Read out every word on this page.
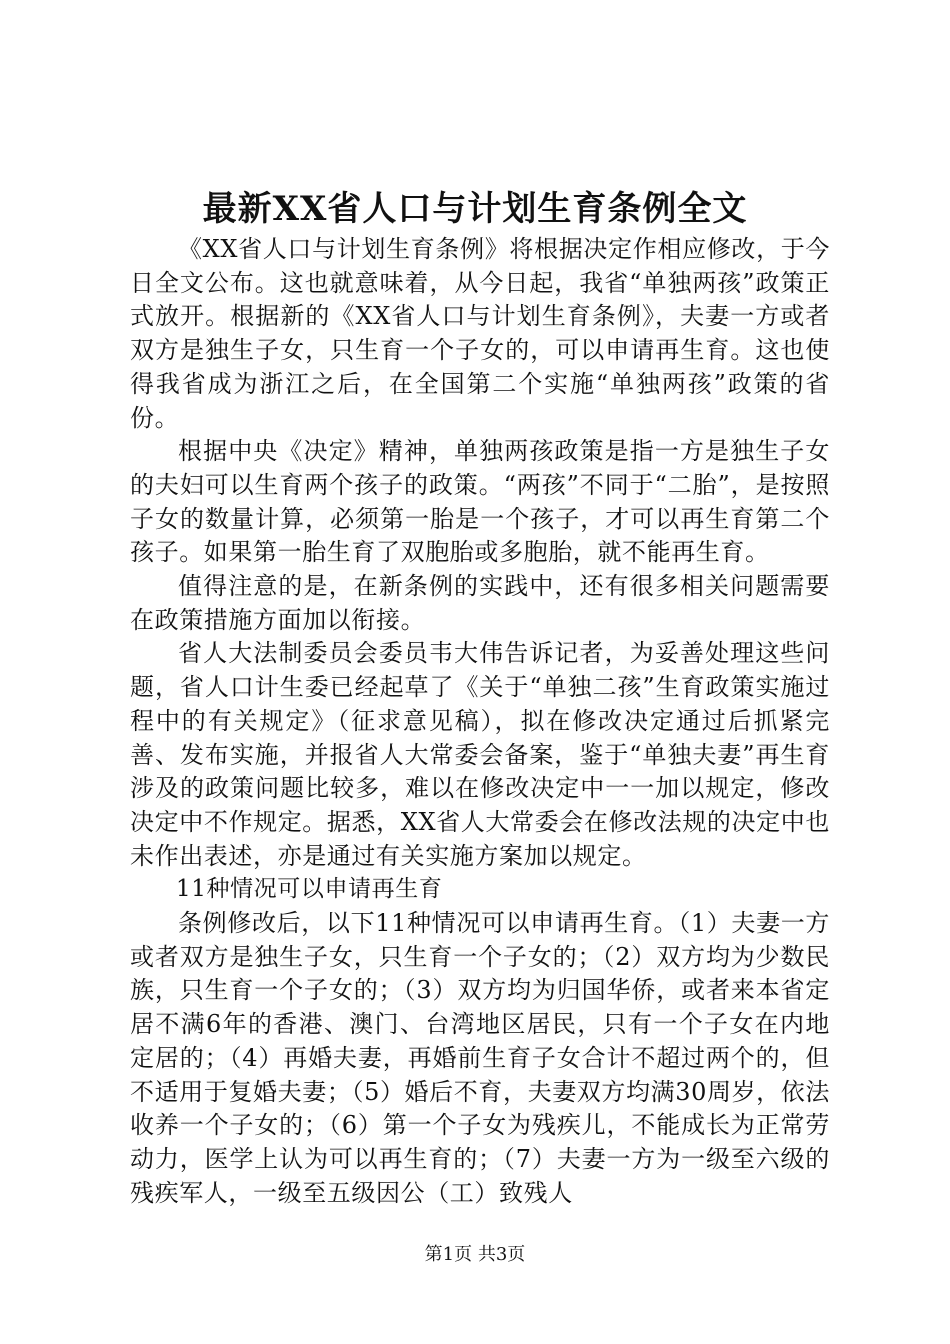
最新XX省人口与计划生育条例全文

《XX省人口与计划生育条例》将根据决定作相应修改，于今日全文公布。这也就意味着，从今日起，我省“单独两孩”政策正式放开。根据新的《XX省人口与计划生育条例》，夫妻一方或者双方是独生子女，只生育一个子女的，可以申请再生育。这也使得我省成为浙江之后，在全国第二个实施“单独两孩”政策的省份。

根据中央《决定》精神，单独两孩政策是指一方是独生子女的夫妇可以生育两个孩子的政策。“两孩”不同于“二胎”，是按照子女的数量计算，必须第一胎是一个孩子，才可以再生育第二个孩子。如果第一胎生育了双胞胎或多胞胎，就不能再生育。

值得注意的是，在新条例的实践中，还有很多相关问题需要在政策措施方面加以衔接。

省人大法制委员会委员韦大伟告诉记者，为妥善处理这些问题，省人口计生委已经起草了《关于“单独二孩”生育政策实施过程中的有关规定》（征求意见稿），拟在修改决定通过后抓紧完善、发布实施，并报省人大常委会备案，鉴于“单独夫妻”再生育涉及的政策问题比较多，难以在修改决定中一一加以规定，修改决定中不作规定。据悉，XX省人大常委会在修改法规的决定中也未作出表述，亦是通过有关实施方案加以规定。

11种情况可以申请再生育

条例修改后，以下11种情况可以申请再生育。（1）夫妻一方或者双方是独生子女，只生育一个子女的；（2）双方均为少数民族，只生育一个子女的；（3）双方均为归国华侨，或者来本省定居不满6年的香港、澳门、台湾地区居民，只有一个子女在内地定居的；（4）再婚夫妻，再婚前生育子女合计不超过两个的，但不适用于复婚夫妻；（5）婚后不育，夫妻双方均满30周岁，依法收养一个子女的；（6）第一个子女为残疾儿，不能成长为正常劳动力，医学上认为可以再生育的；（7）夫妻一方为一级至六级的残疾军人，一级至五级因公（工）致残人

第1页 共3页
